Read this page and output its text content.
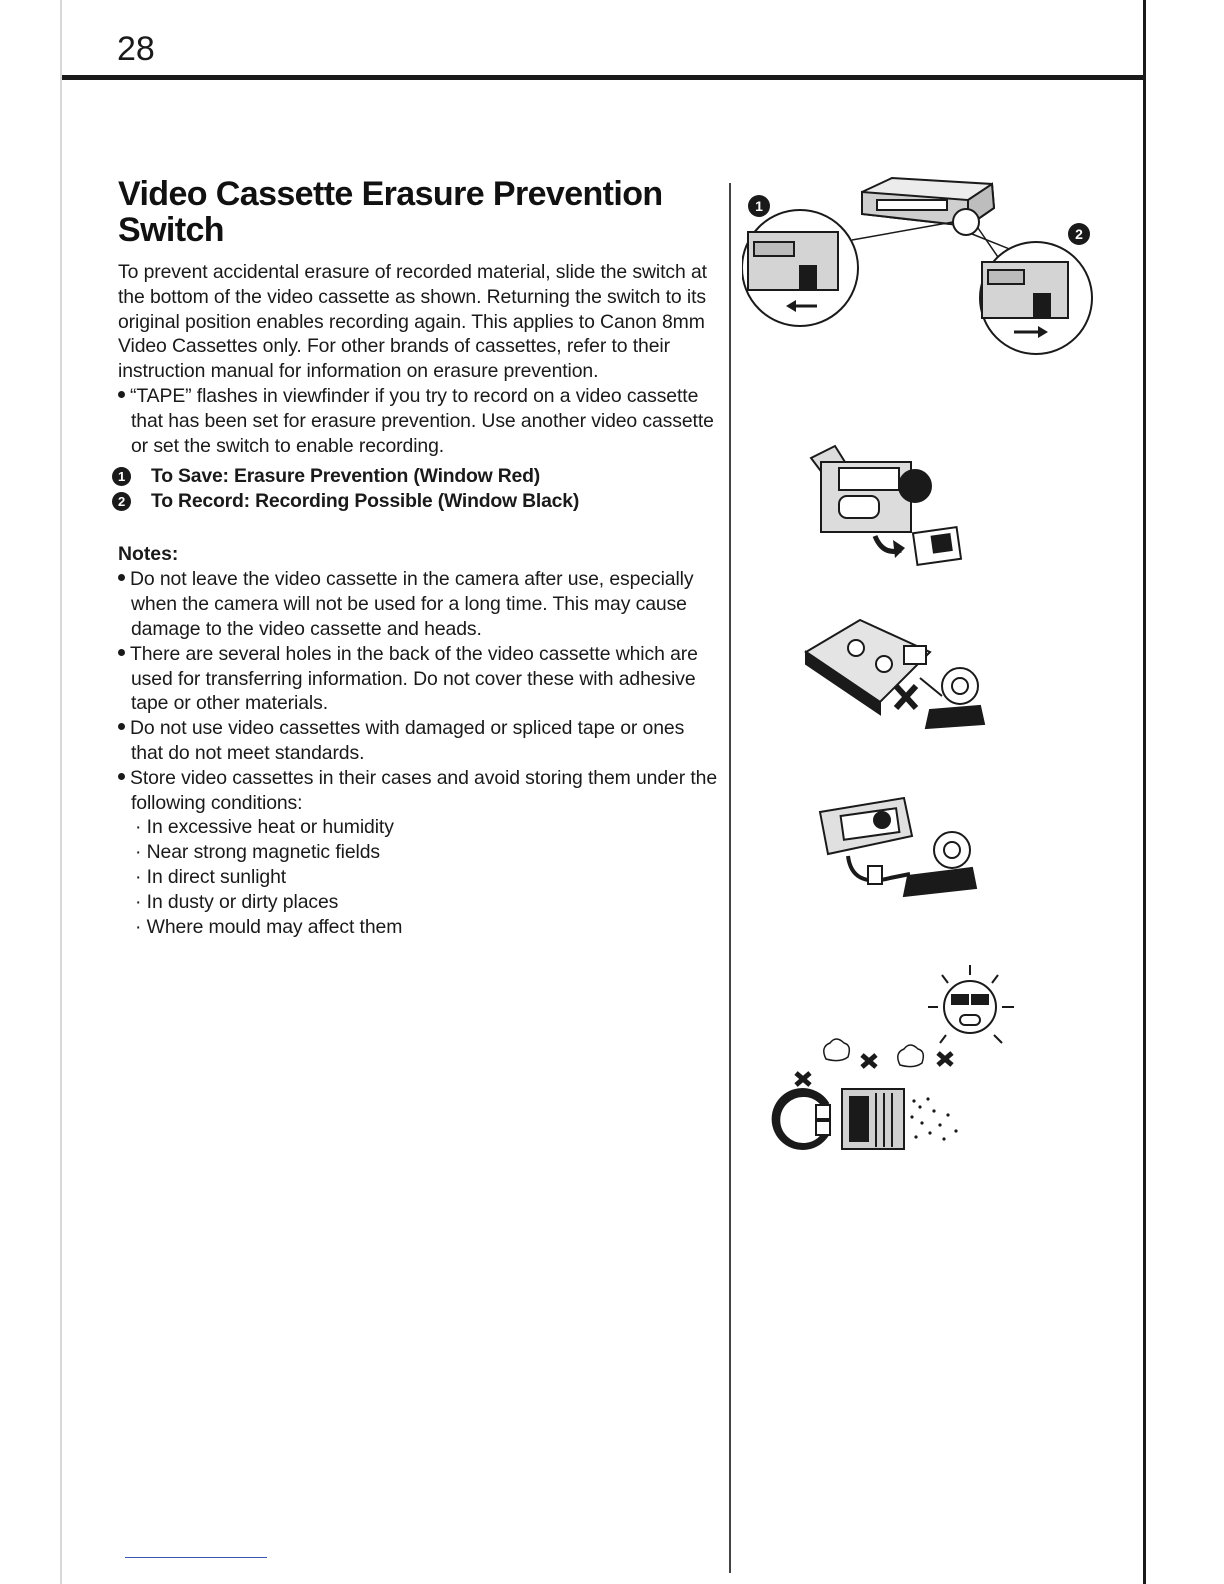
28
Video Cassette Erasure Prevention
Switch

To prevent accidental erasure of recorded material, slide the switch at the bottom of the video cassette as shown. Returning the switch to its original position enables recording again. This applies to Canon 8mm Video Cassettes only. For other brands of cassettes, refer to their instruction manual for information on erasure prevention.

“TAPE” flashes in viewfinder if you try to record on a video cassette that has been set for erasure prevention. Use another video cassette or set the switch to enable recording.

1	To Save: Erasure Prevention (Window Red)
2	To Record: Recording Possible (Window Black)

Notes:

Do not leave the video cassette in the camera after use, especially when the camera will not be used for a long time. This may cause damage to the video cassette and heads.

There are several holes in the back of the video cassette which are used for transferring information. Do not cover these with adhesive tape or other materials.

Do not use video cassettes with damaged or spliced tape or ones that do not meet standards.

Store video cassettes in their cases and avoid storing them under the following conditions:

· In excessive heat or humidity

· Near strong magnetic fields

· In direct sunlight

· In dusty or dirty places

· Where mould may affect them

1
2
